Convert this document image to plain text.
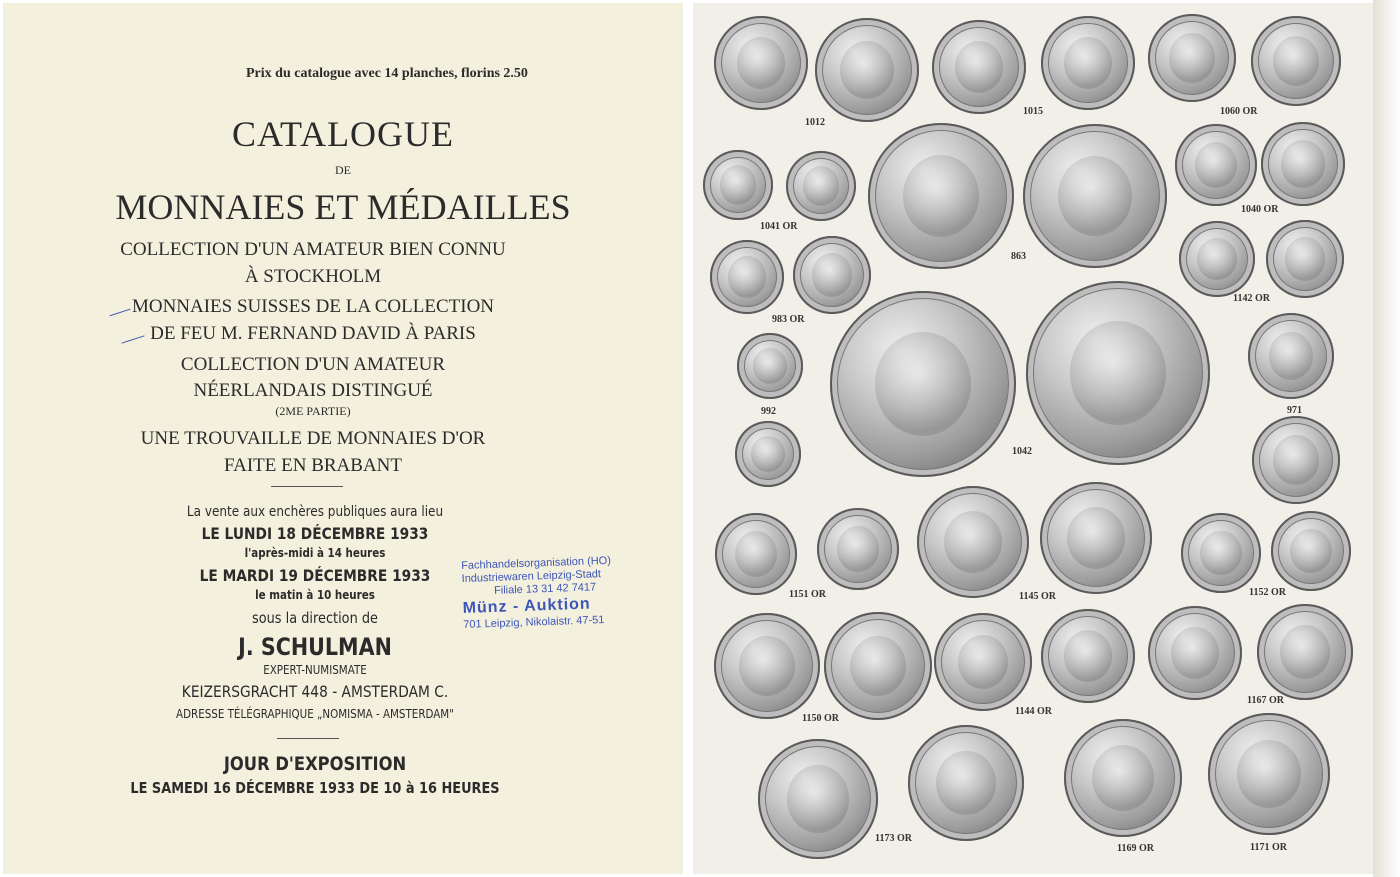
Prix du catalogue avec 14 planches, florins 2.50
CATALOGUE
DE
MONNAIES ET MÉDAILLES
COLLECTION D'UN AMATEUR BIEN CONNU
À STOCKHOLM
MONNAIES SUISSES DE LA COLLECTION
DE FEU M. FERNAND DAVID À PARIS
COLLECTION D'UN AMATEUR
NÉERLANDAIS DISTINGUÉ
(2ME PARTIE)
UNE TROUVAILLE DE MONNAIES D'OR
FAITE EN BRABANT
La vente aux enchères publiques aura lieu
LE LUNDI 18 DÉCEMBRE 1933
l'après-midi à 14 heures
LE MARDI 19 DÉCEMBRE 1933
le matin à 10 heures
sous la direction de
J. SCHULMAN
EXPERT-NUMISMATE
KEIZERSGRACHT 448 - AMSTERDAM C.
ADRESSE TÉLÉGRAPHIQUE „NOMISMA - AMSTERDAM"
JOUR D'EXPOSITION
LE SAMEDI 16 DÉCEMBRE 1933 DE 10 à 16 HEURES
Fachhandelsorganisation (HO)
Industriewaren Leipzig-Stadt
Filiale 13 31 42 7417
Münz - Auktion
701 Leipzig, Nikolaistr. 47-51
1012
1015	1060 OR
1041 OR
863
1040 OR
983 OR
1142 OR
992	971
1042
1151 OR	1145 OR	1152 OR
1150 OR
1144 OR
1167 OR
1173 OR
1169 OR	1171 OR
